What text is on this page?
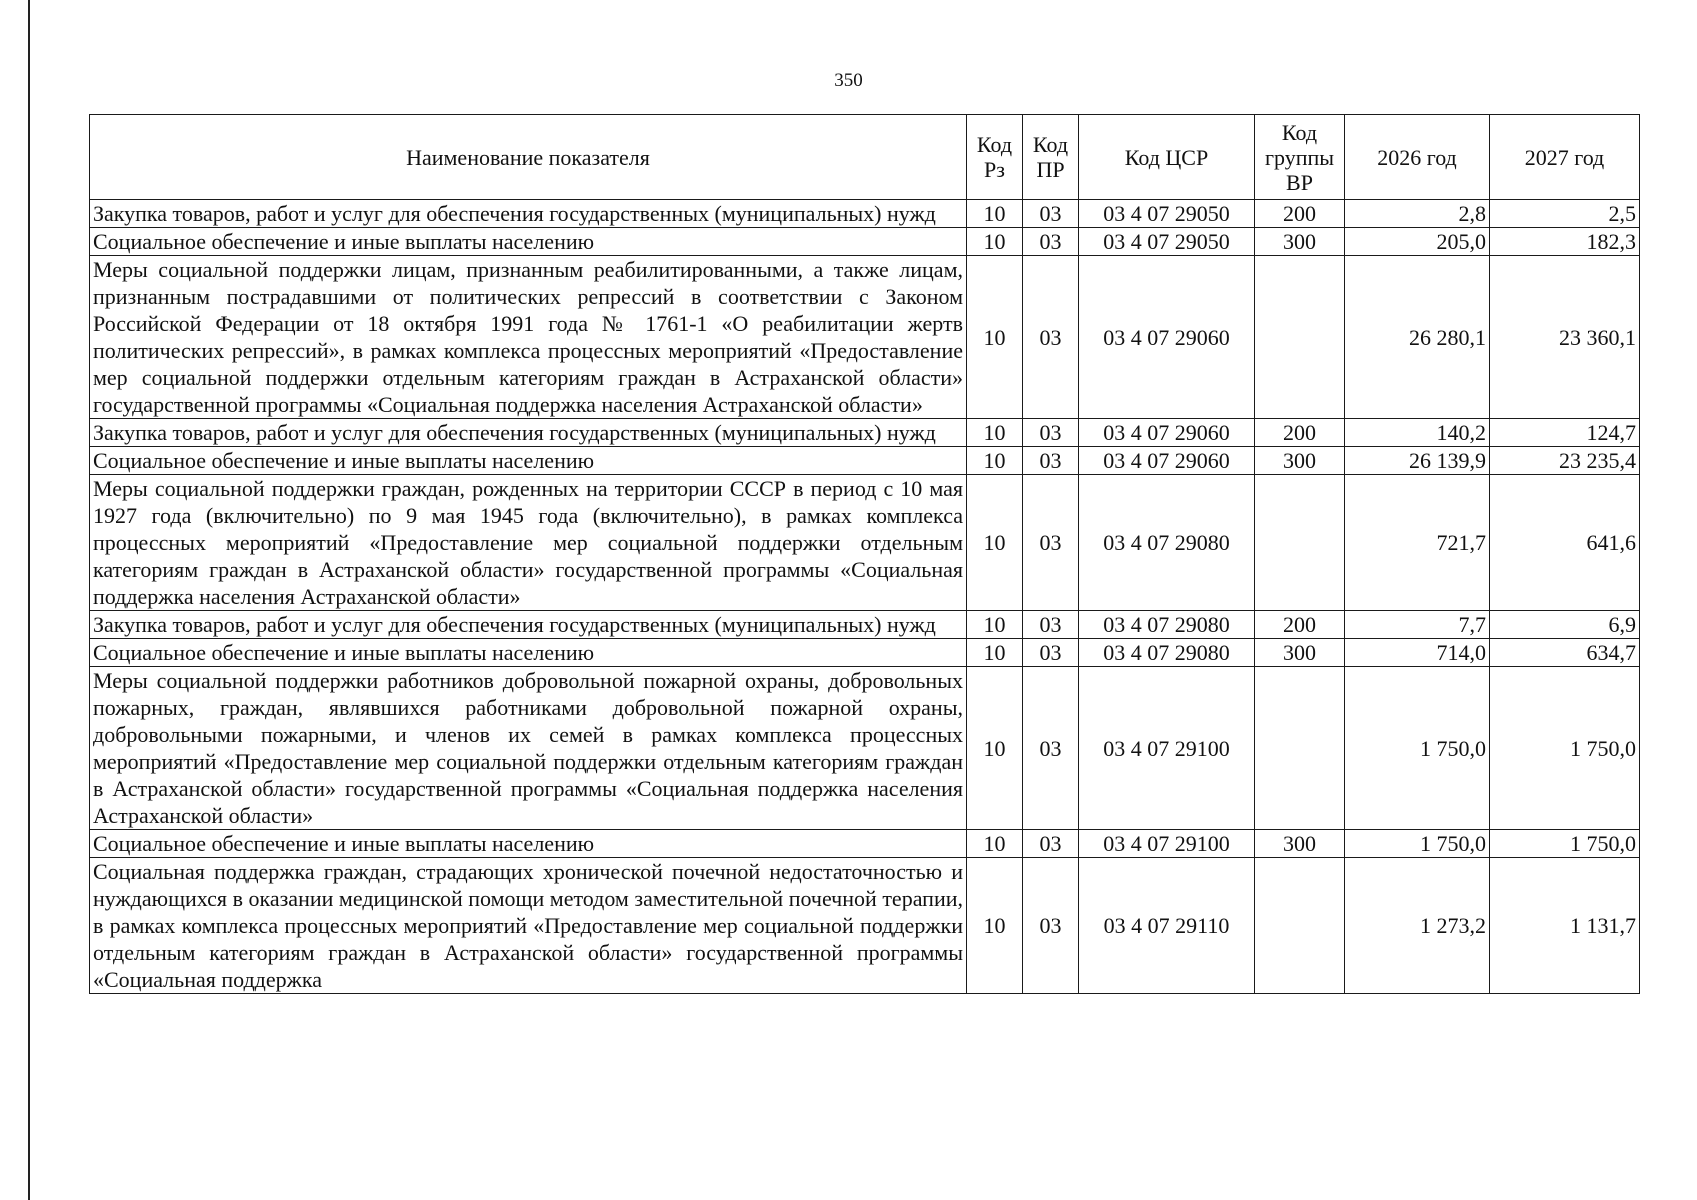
350
Наименование показателя	Код Рз	Код ПР	Код ЦСР	Код группы ВР	2026 год	2027 год
Закупка товаров, работ и услуг для обеспечения государственных (муниципальных) нужд	10	03	03 4 07 29050	200	2,8	2,5
Социальное обеспечение и иные выплаты населению	10	03	03 4 07 29050	300	205,0	182,3
Меры социальной поддержки лицам, признанным реабилитированными, а также лицам, признанным пострадавшими от политических репрессий в соответствии с Законом Российской Федерации от 18 октября 1991 года № 1761-1 «О реабилитации жертв политических репрессий», в рамках комплекса процессных мероприятий «Предоставление мер социальной поддержки отдельным категориям граждан в Астраханской области» государственной программы «Социальная поддержка населения Астраханской области»	10	03	03 4 07 29060		26 280,1	23 360,1
Закупка товаров, работ и услуг для обеспечения государственных (муниципальных) нужд	10	03	03 4 07 29060	200	140,2	124,7
Социальное обеспечение и иные выплаты населению	10	03	03 4 07 29060	300	26 139,9	23 235,4
Меры социальной поддержки граждан, рожденных на территории СССР в период с 10 мая 1927 года (включительно) по 9 мая 1945 года (включительно), в рамках комплекса процессных мероприятий «Предоставление мер социальной поддержки отдельным категориям граждан в Астраханской области» государственной программы «Социальная поддержка населения Астраханской области»	10	03	03 4 07 29080		721,7	641,6
Закупка товаров, работ и услуг для обеспечения государственных (муниципальных) нужд	10	03	03 4 07 29080	200	7,7	6,9
Социальное обеспечение и иные выплаты населению	10	03	03 4 07 29080	300	714,0	634,7
Меры социальной поддержки работников добровольной пожарной охраны, добровольных пожарных, граждан, являвшихся работниками добровольной пожарной охраны, добровольными пожарными, и членов их семей в рамках комплекса процессных мероприятий «Предоставление мер социальной поддержки отдельным категориям граждан в Астраханской области» государственной программы «Социальная поддержка населения Астраханской области»	10	03	03 4 07 29100		1 750,0	1 750,0
Социальное обеспечение и иные выплаты населению	10	03	03 4 07 29100	300	1 750,0	1 750,0
Социальная поддержка граждан, страдающих хронической почечной недостаточностью и нуждающихся в оказании медицинской помощи методом заместительной почечной терапии, в рамках комплекса процессных мероприятий «Предоставление мер социальной поддержки отдельным категориям граждан в Астраханской области» государственной программы «Социальная поддержка	10	03	03 4 07 29110		1 273,2	1 131,7
